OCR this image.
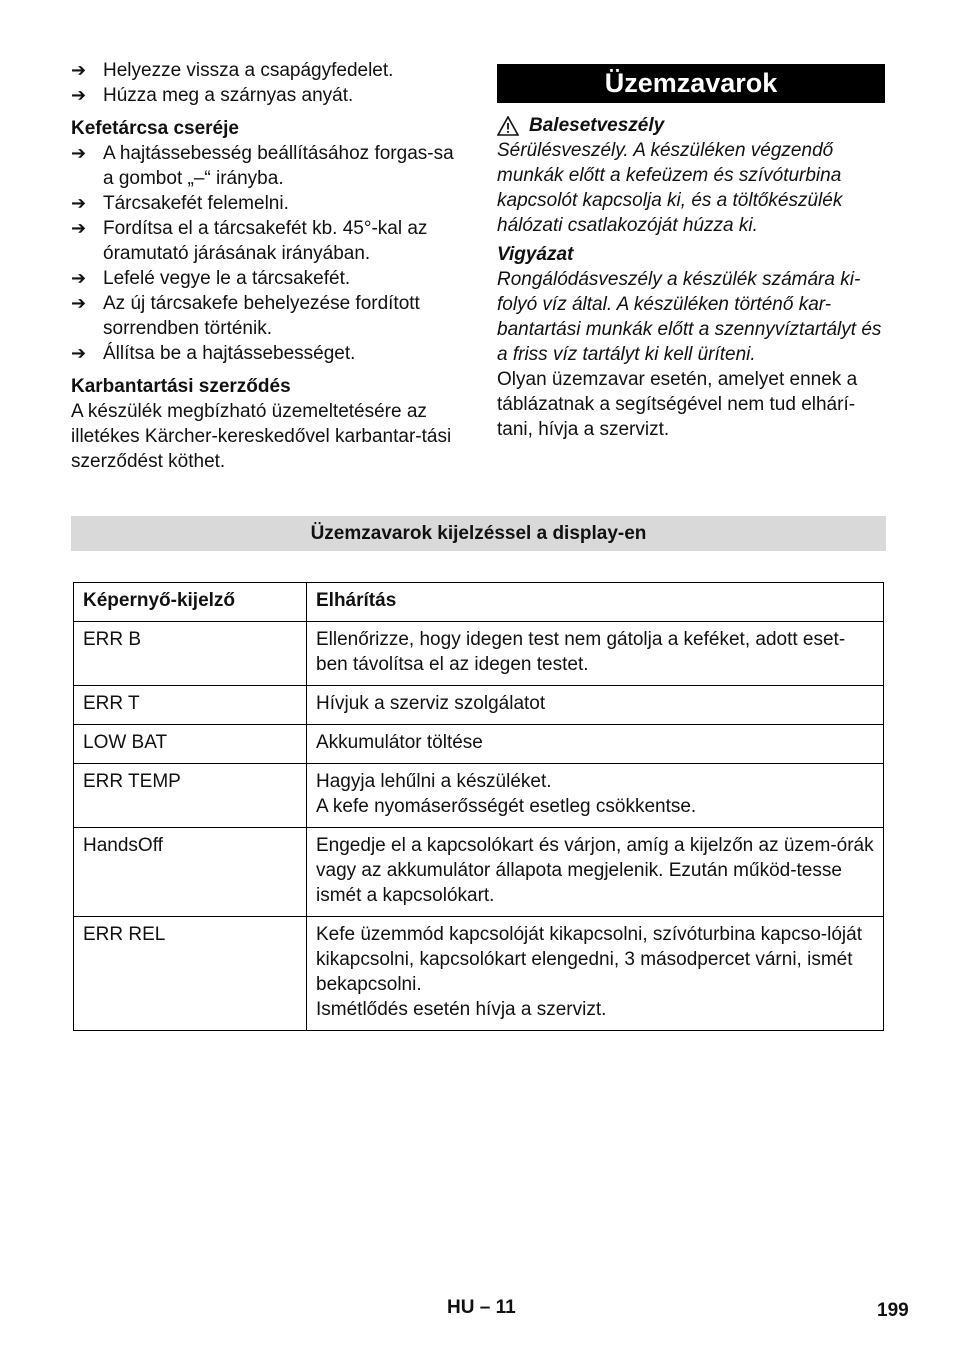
➔ Helyezze vissza a csapágyfedelet.
➔ Húzza meg a szárnyas anyát.
Kefetárcsa cseréje
➔ A hajtássebesség beállításához forgas-sa a gombot „–“ irányba.
➔ Tárcsakefét felemelni.
➔ Fordítsa el a tárcsakefét kb. 45°-kal az óramutató járásának irányában.
➔ Lefelé vegye le a tárcsakefét.
➔ Az új tárcsakefe behelyezése fordított sorrendben történik.
➔ Állítsa be a hajtássebességet.
Karbantartási szerződés
A készülék megbízható üzemeltetésére az illetékes Kärcher-kereskedővel karbantar-tási szerződést köthet.
Üzemzavarok
Balesetveszély
Sérülésveszély. A készüléken végzendő munkák előtt a kefeüzem és szívóturbina kapcsolót kapcsolja ki, és a töltőkészülék hálózati csatlakozóját húzza ki.
Vigyázat
Rongálódásveszély a készülék számára ki-folyó víz által. A készüléken történő kar-bantartási munkák előtt a szennyvíztartályt és a friss víz tartályt ki kell üríteni.
Olyan üzemzavar esetén, amelyet ennek a táblázatnak a segítségével nem tud elhárí-tani, hívja a szervizt.
Üzemzavarok kijelzéssel a display-en
Képernyő-kijelző	Elhárítás
ERR B	Ellenőrizze, hogy idegen test nem gátolja a keféket, adott eset-ben távolítsa el az idegen testet.

ERR T	Hívjuk a szerviz szolgálatot

LOW BAT	Akkumulátor töltése

ERR TEMP	Hagyja lehűlni a készüléket.
A kefe nyomáserősségét esetleg csökkentse.

HandsOff	Engedje el a kapcsolókart és várjon, amíg a kijelzőn az üzem-órák vagy az akkumulátor állapota megjelenik. Ezután működ-tesse ismét a kapcsolókart.

ERR REL	Kefe üzemmód kapcsolóját kikapcsolni, szívóturbina kapcso-lóját kikapcsolni, kapcsolókart elengedni, 3 másodpercet várni, ismét bekapcsolni.
Ismétlődés esetén hívja a szervizt.
HU – 11	199
